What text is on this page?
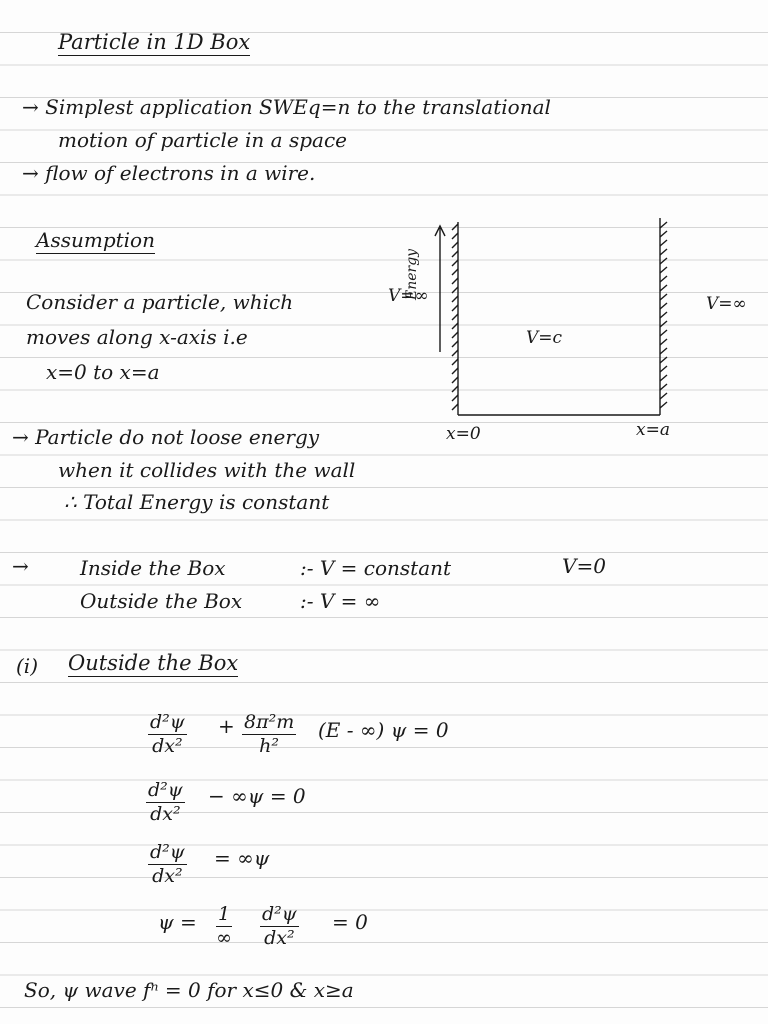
Particle in 1D Box
→ Simplest application SWEq=n to the translational
motion of particle in a space
→ flow of electrons in a wire.
Assumption
Consider a particle, which
moves along x-axis i.e
x=0 to x=a
Energy
V=∞
V=c
V=∞
x=0	x=a
→ Particle do not loose energy
when it collides with the wall
∴ Total Energy is constant
→	Inside the Box	:- V = constant	V=0
Outside the Box	:- V = ∞
(i) Outside the Box
$\frac{\text{d²ψ}}{\text{dx²}} + \frac{\text{8π²m}}{\text{h²}} (E$ - ∞) ψ = 0
$\frac{\text{d²ψ}}{\text{dx²}} - \infty\psi = 0$
$\frac{\text{d²ψ}}{\text{dx²}} = \infty\psi$
ψ = 1
∞ $\frac{\text{d²ψ}}{\text{dx²}} = 0$
So, ψ wave fⁿ = 0 for x≤0 & x≥a
